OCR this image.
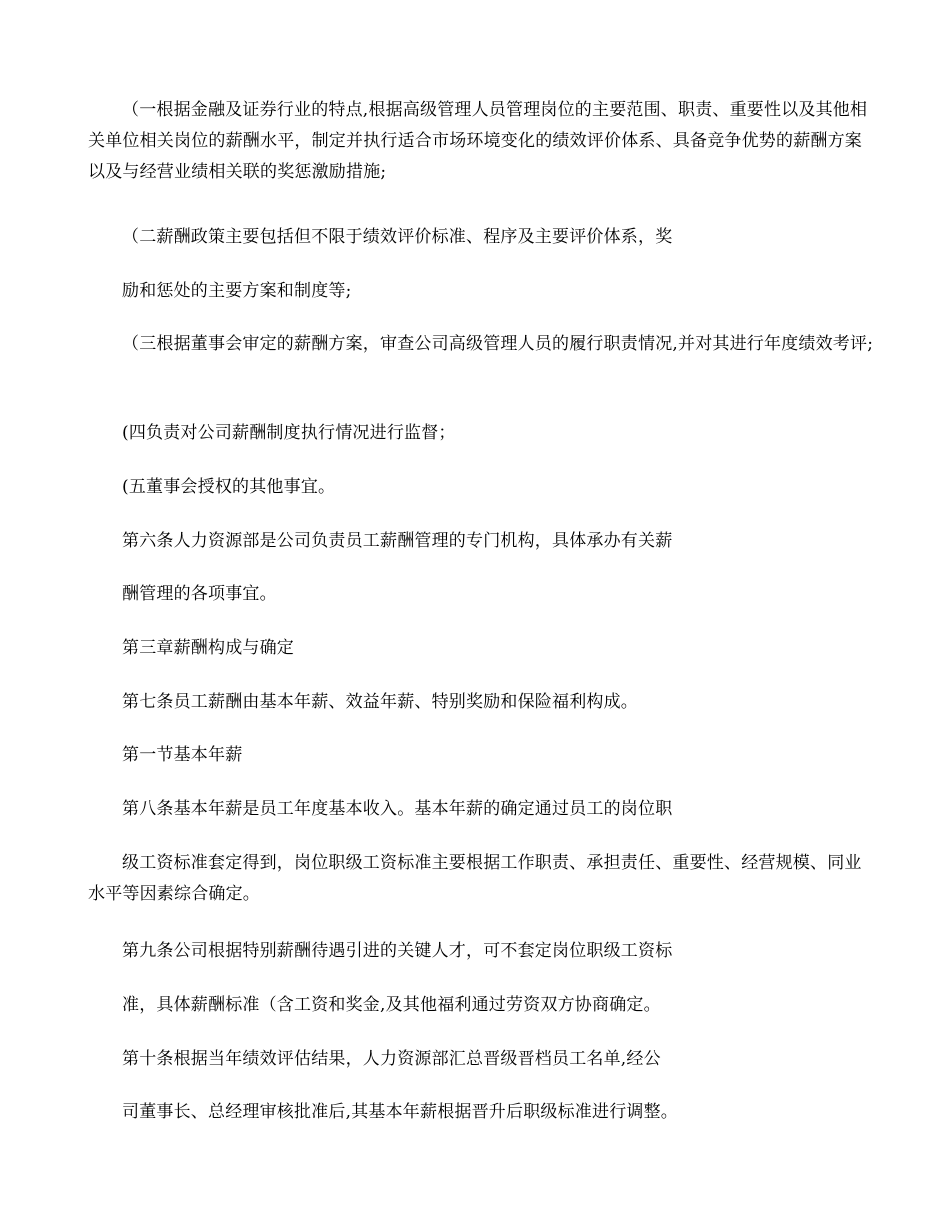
（一根据金融及证券行业的特点,根据高级管理人员管理岗位的主要范围、职责、重要性以及其他相关单位相关岗位的薪酬水平，制定并执行适合市场环境变化的绩效评价体系、具备竞争优势的薪酬方案以及与经营业绩相关联的奖惩激励措施;

（二薪酬政策主要包括但不限于绩效评价标准、程序及主要评价体系，奖

励和惩处的主要方案和制度等;

（三根据董事会审定的薪酬方案，审查公司高级管理人员的履行职责情况,并对其进行年度绩效考评;

(四负责对公司薪酬制度执行情况进行监督；

(五董事会授权的其他事宜。

第六条人力资源部是公司负责员工薪酬管理的专门机构，具体承办有关薪

酬管理的各项事宜。

第三章薪酬构成与确定

第七条员工薪酬由基本年薪、效益年薪、特别奖励和保险福利构成。

第一节基本年薪

第八条基本年薪是员工年度基本收入。基本年薪的确定通过员工的岗位职

级工资标准套定得到，岗位职级工资标准主要根据工作职责、承担责任、重要性、经营规模、同业水平等因素综合确定。

第九条公司根据特别薪酬待遇引进的关键人才，可不套定岗位职级工资标

准，具体薪酬标准（含工资和奖金,及其他福利通过劳资双方协商确定。

第十条根据当年绩效评估结果，人力资源部汇总晋级晋档员工名单,经公

司董事长、总经理审核批准后,其基本年薪根据晋升后职级标准进行调整。
